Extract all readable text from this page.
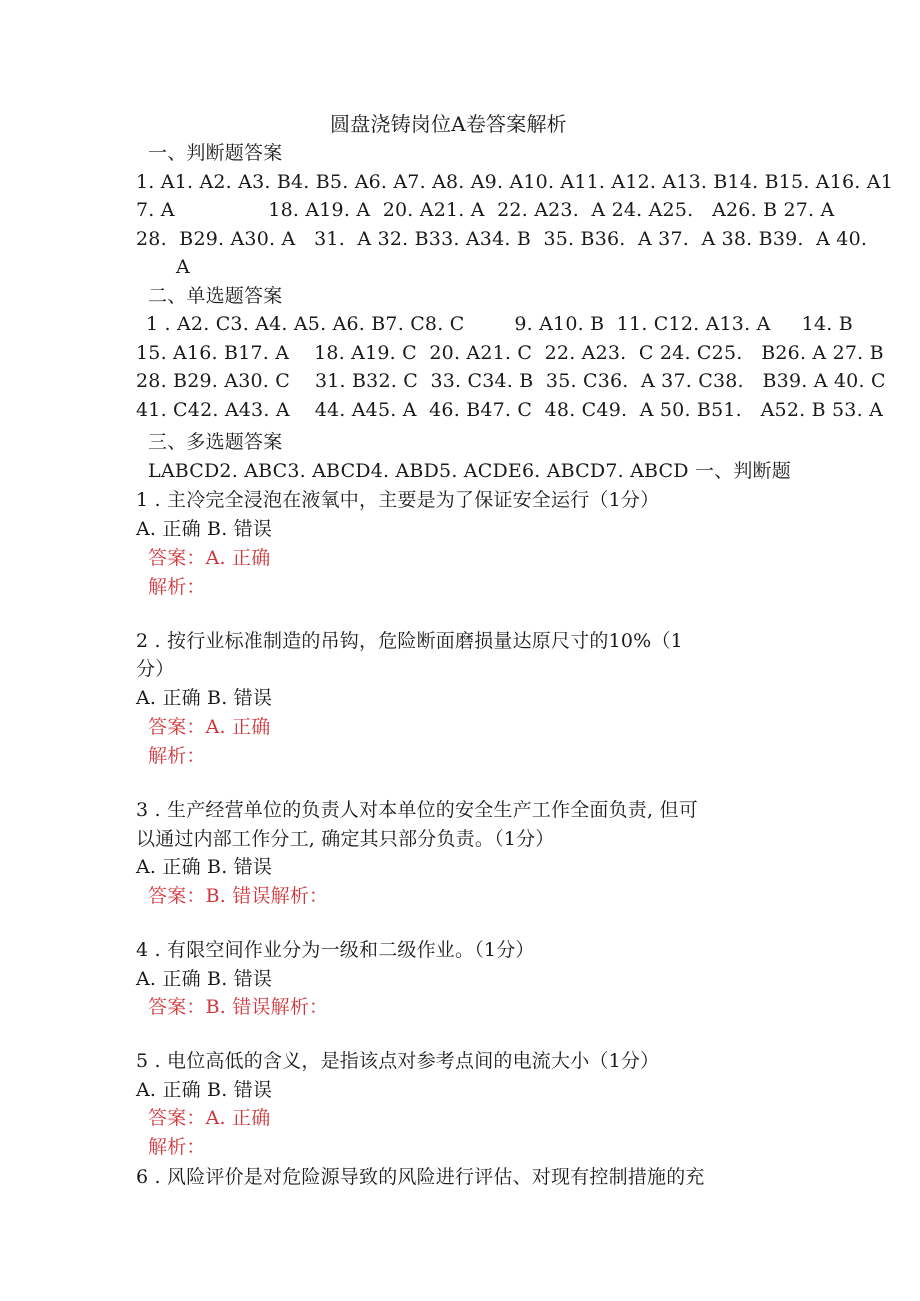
圆盘浇铸岗位A卷答案解析
一、判断题答案
1. A1. A2. A3. B4. B5. A6. A7. A8. A9. A10. A11. A12. A13. B14. B15. A16. A1
7. A               18. A19. A  20. A21. A  22. A23.  A 24. A25.   A26. B 27. A
28.  B29. A30. A   31.  A 32. B33. A34. B  35. B36.  A 37.  A 38. B39.  A 40.
A
二、单选题答案
1 . A2. C3. A4. A5. A6. B7. C8. C        9. A10. B  11. C12. A13. A     14. B
15. A16. B17. A    18. A19. C  20. A21. C  22. A23.  C 24. C25.   B26. A 27. B
28. B29. A30. C    31. B32. C  33. C34. B  35. C36.  A 37. C38.   B39. A 40. C
41. C42. A43. A    44. A45. A  46. B47. C  48. C49.  A 50. B51.   A52. B 53. A
三、多选题答案
LABCD2. ABC3. ABCD4. ABD5. ACDE6. ABCD7. ABCD 一、判断题
1 . 主冷完全浸泡在液氧中，主要是为了保证安全运行（1分）
A. 正确 B. 错误
答案：A. 正确
解析：
2 . 按行业标准制造的吊钩，危险断面磨损量达原尺寸的10%（1
分）
A. 正确 B. 错误
答案：A. 正确
解析：
3 . 生产经营单位的负责人对本单位的安全生产工作全面负责, 但可
以通过内部工作分工, 确定其只部分负责。（1分）
A. 正确 B. 错误
答案：B. 错误解析：
4 . 有限空间作业分为一级和二级作业。（1分）
A. 正确 B. 错误
答案：B. 错误解析：
5 . 电位高低的含义，是指该点对参考点间的电流大小（1分）
A. 正确 B. 错误
答案：A. 正确
解析：
6 . 风险评价是对危险源导致的风险进行评估、对现有控制措施的充
